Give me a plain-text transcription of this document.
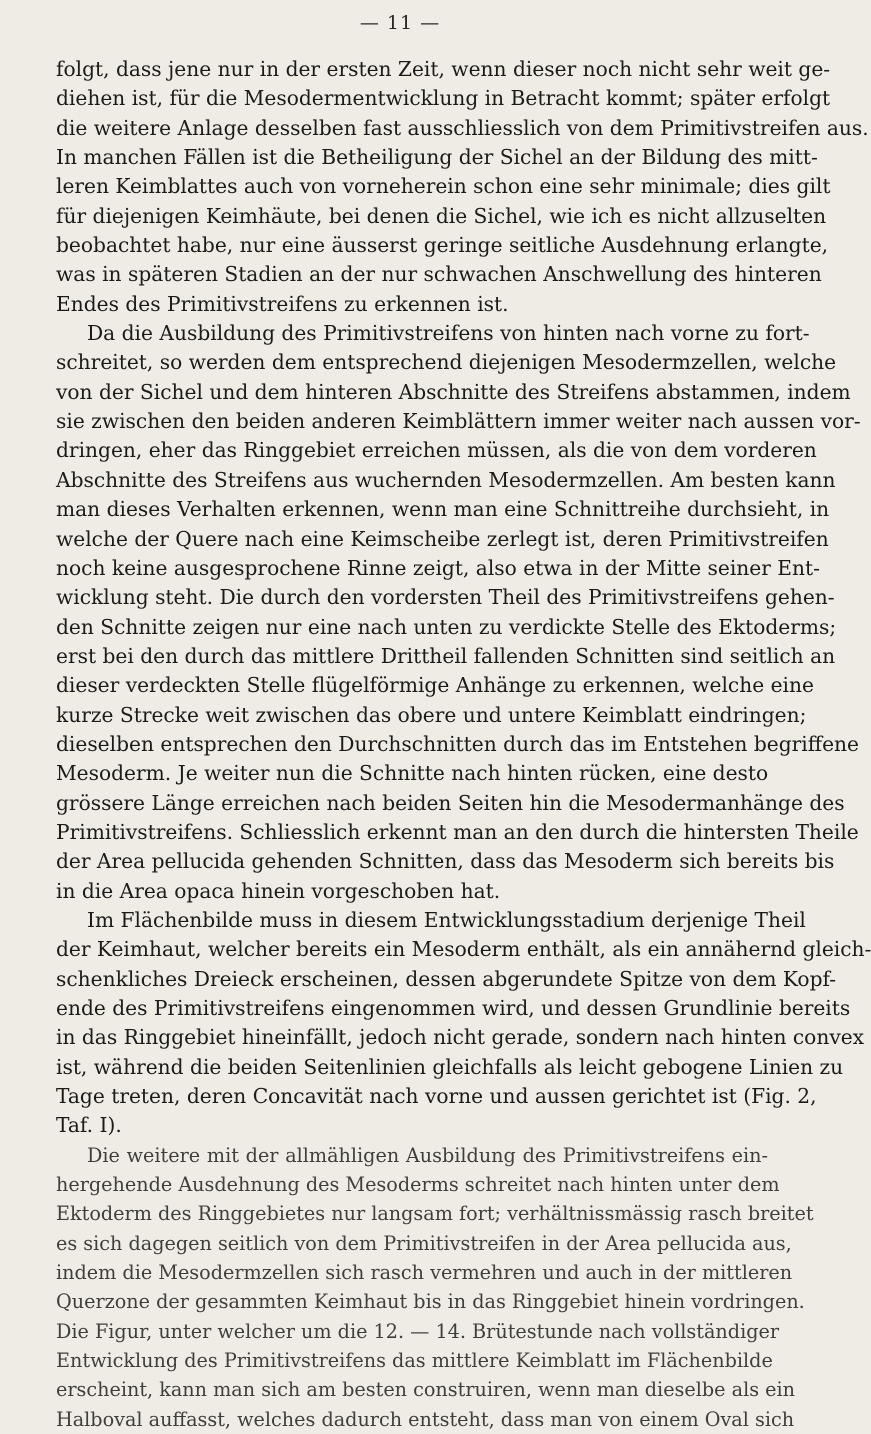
— 11 —
folgt, dass jene nur in der ersten Zeit, wenn dieser noch nicht sehr weit ge-
diehen ist, für die Mesodermentwicklung in Betracht kommt; später erfolgt
die weitere Anlage desselben fast ausschliesslich von dem Primitivstreifen aus.
In manchen Fällen ist die Betheiligung der Sichel an der Bildung des mitt-
leren Keimblattes auch von vorneherein schon eine sehr minimale; dies gilt
für diejenigen Keimhäute, bei denen die Sichel, wie ich es nicht allzuselten
beobachtet habe, nur eine äusserst geringe seitliche Ausdehnung erlangte,
was in späteren Stadien an der nur schwachen Anschwellung des hinteren
Endes des Primitivstreifens zu erkennen ist.
Da die Ausbildung des Primitivstreifens von hinten nach vorne zu fort-
schreitet, so werden dem entsprechend diejenigen Mesodermzellen, welche
von der Sichel und dem hinteren Abschnitte des Streifens abstammen, indem
sie zwischen den beiden anderen Keimblättern immer weiter nach aussen vor-
dringen, eher das Ringgebiet erreichen müssen, als die von dem vorderen
Abschnitte des Streifens aus wuchernden Mesodermzellen. Am besten kann
man dieses Verhalten erkennen, wenn man eine Schnittreihe durchsieht, in
welche der Quere nach eine Keimscheibe zerlegt ist, deren Primitivstreifen
noch keine ausgesprochene Rinne zeigt, also etwa in der Mitte seiner Ent-
wicklung steht. Die durch den vordersten Theil des Primitivstreifens gehen-
den Schnitte zeigen nur eine nach unten zu verdickte Stelle des Ektoderms;
erst bei den durch das mittlere Drittheil fallenden Schnitten sind seitlich an
dieser verdeckten Stelle flügelförmige Anhänge zu erkennen, welche eine
kurze Strecke weit zwischen das obere und untere Keimblatt eindringen;
dieselben entsprechen den Durchschnitten durch das im Entstehen begriffene
Mesoderm. Je weiter nun die Schnitte nach hinten rücken, eine desto
grössere Länge erreichen nach beiden Seiten hin die Mesodermanhänge des
Primitivstreifens. Schliesslich erkennt man an den durch die hintersten Theile
der Area pellucida gehenden Schnitten, dass das Mesoderm sich bereits bis
in die Area opaca hinein vorgeschoben hat.
Im Flächenbilde muss in diesem Entwicklungsstadium derjenige Theil
der Keimhaut, welcher bereits ein Mesoderm enthält, als ein annähernd gleich-
schenkliches Dreieck erscheinen, dessen abgerundete Spitze von dem Kopf-
ende des Primitivstreifens eingenommen wird, und dessen Grundlinie bereits
in das Ringgebiet hineinfällt, jedoch nicht gerade, sondern nach hinten convex
ist, während die beiden Seitenlinien gleichfalls als leicht gebogene Linien zu
Tage treten, deren Concavität nach vorne und aussen gerichtet ist (Fig. 2,
Taf. I).
Die weitere mit der allmähligen Ausbildung des Primitivstreifens ein-
hergehende Ausdehnung des Mesoderms schreitet nach hinten unter dem
Ektoderm des Ringgebietes nur langsam fort; verhältnissmässig rasch breitet
es sich dagegen seitlich von dem Primitivstreifen in der Area pellucida aus,
indem die Mesodermzellen sich rasch vermehren und auch in der mittleren
Querzone der gesammten Keimhaut bis in das Ringgebiet hinein vordringen.
Die Figur, unter welcher um die 12. — 14. Brütestunde nach vollständiger
Entwicklung des Primitivstreifens das mittlere Keimblatt im Flächenbilde
erscheint, kann man sich am besten construiren, wenn man dieselbe als ein
Halboval auffasst, welches dadurch entsteht, dass man von einem Oval sich
